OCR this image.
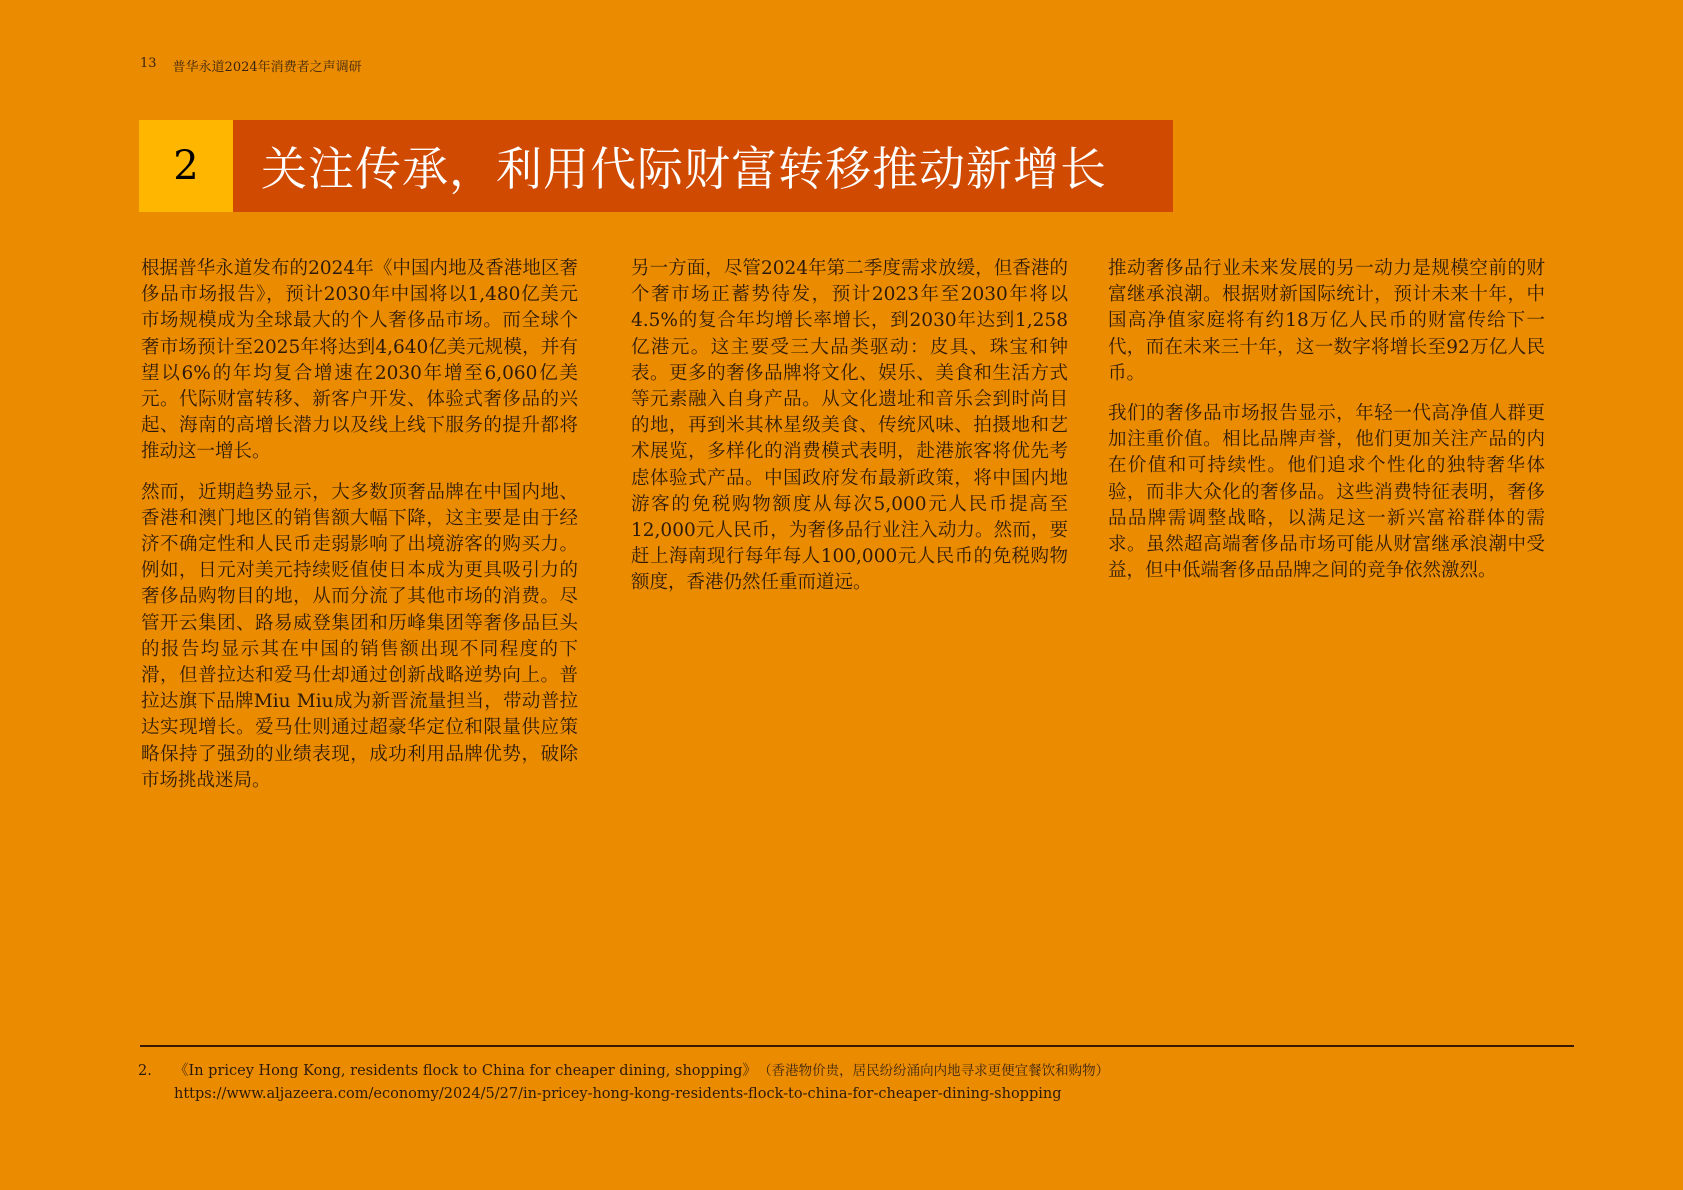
13 普华永道2024年消费者之声调研
2	关注传承，利用代际财富转移推动新增长

根据普华永道发布的2024年《中国内地及香港地区奢侈品市场报告》，预计2030年中国将以1,480亿美元市场规模成为全球最大的个人奢侈品市场。而全球个奢市场预计至2025年将达到4,640亿美元规模，并有望以6%的年均复合增速在2030年增至6,060亿美元。代际财富转移、新客户开发、体验式奢侈品的兴起、海南的高增长潜力以及线上线下服务的提升都将推动这一增长。

然而，近期趋势显示，大多数顶奢品牌在中国内地、香港和澳门地区的销售额大幅下降，这主要是由于经济不确定性和人民币走弱影响了出境游客的购买力。例如，日元对美元持续贬值使日本成为更具吸引力的奢侈品购物目的地，从而分流了其他市场的消费。尽管开云集团、路易威登集团和历峰集团等奢侈品巨头的报告均显示其在中国的销售额出现不同程度的下滑，但普拉达和爱马仕却通过创新战略逆势向上。普拉达旗下品牌Miu Miu成为新晋流量担当，带动普拉达实现增长。爱马仕则通过超豪华定位和限量供应策略保持了强劲的业绩表现，成功利用品牌优势，破除市场挑战迷局。

另一方面，尽管2024年第二季度需求放缓，但香港的个奢市场正蓄势待发，预计2023年至2030年将以4.5%的复合年均增长率增长，到2030年达到1,258亿港元。这主要受三大品类驱动：皮具、珠宝和钟表。更多的奢侈品牌将文化、娱乐、美食和生活方式等元素融入自身产品。从文化遗址和音乐会到时尚目的地，再到米其林星级美食、传统风味、拍摄地和艺术展览，多样化的消费模式表明，赴港旅客将优先考虑体验式产品。中国政府发布最新政策，将中国内地游客的免税购物额度从每次5,000元人民币提高至12,000元人民币，为奢侈品行业注入动力。然而，要赶上海南现行每年每人100,000元人民币的免税购物额度，香港仍然任重而道远。

推动奢侈品行业未来发展的另一动力是规模空前的财富继承浪潮。根据财新国际统计，预计未来十年，中国高净值家庭将有约18万亿人民币的财富传给下一代，而在未来三十年，这一数字将增长至92万亿人民币。

我们的奢侈品市场报告显示，年轻一代高净值人群更加注重价值。相比品牌声誉，他们更加关注产品的内在价值和可持续性。他们追求个性化的独特奢华体验，而非大众化的奢侈品。这些消费特征表明，奢侈品品牌需调整战略，以满足这一新兴富裕群体的需求。虽然超高端奢侈品市场可能从财富继承浪潮中受益，但中低端奢侈品品牌之间的竞争依然激烈。

2.	《In pricey Hong Kong, residents flock to China for cheaper dining, shopping》 （香港物价贵，居民纷纷涌向内地寻求更便宜餐饮和购物）
https://www.aljazeera.com/economy/2024/5/27/in-pricey-hong-kong-residents-flock-to-china-for-cheaper-dining-shopping
